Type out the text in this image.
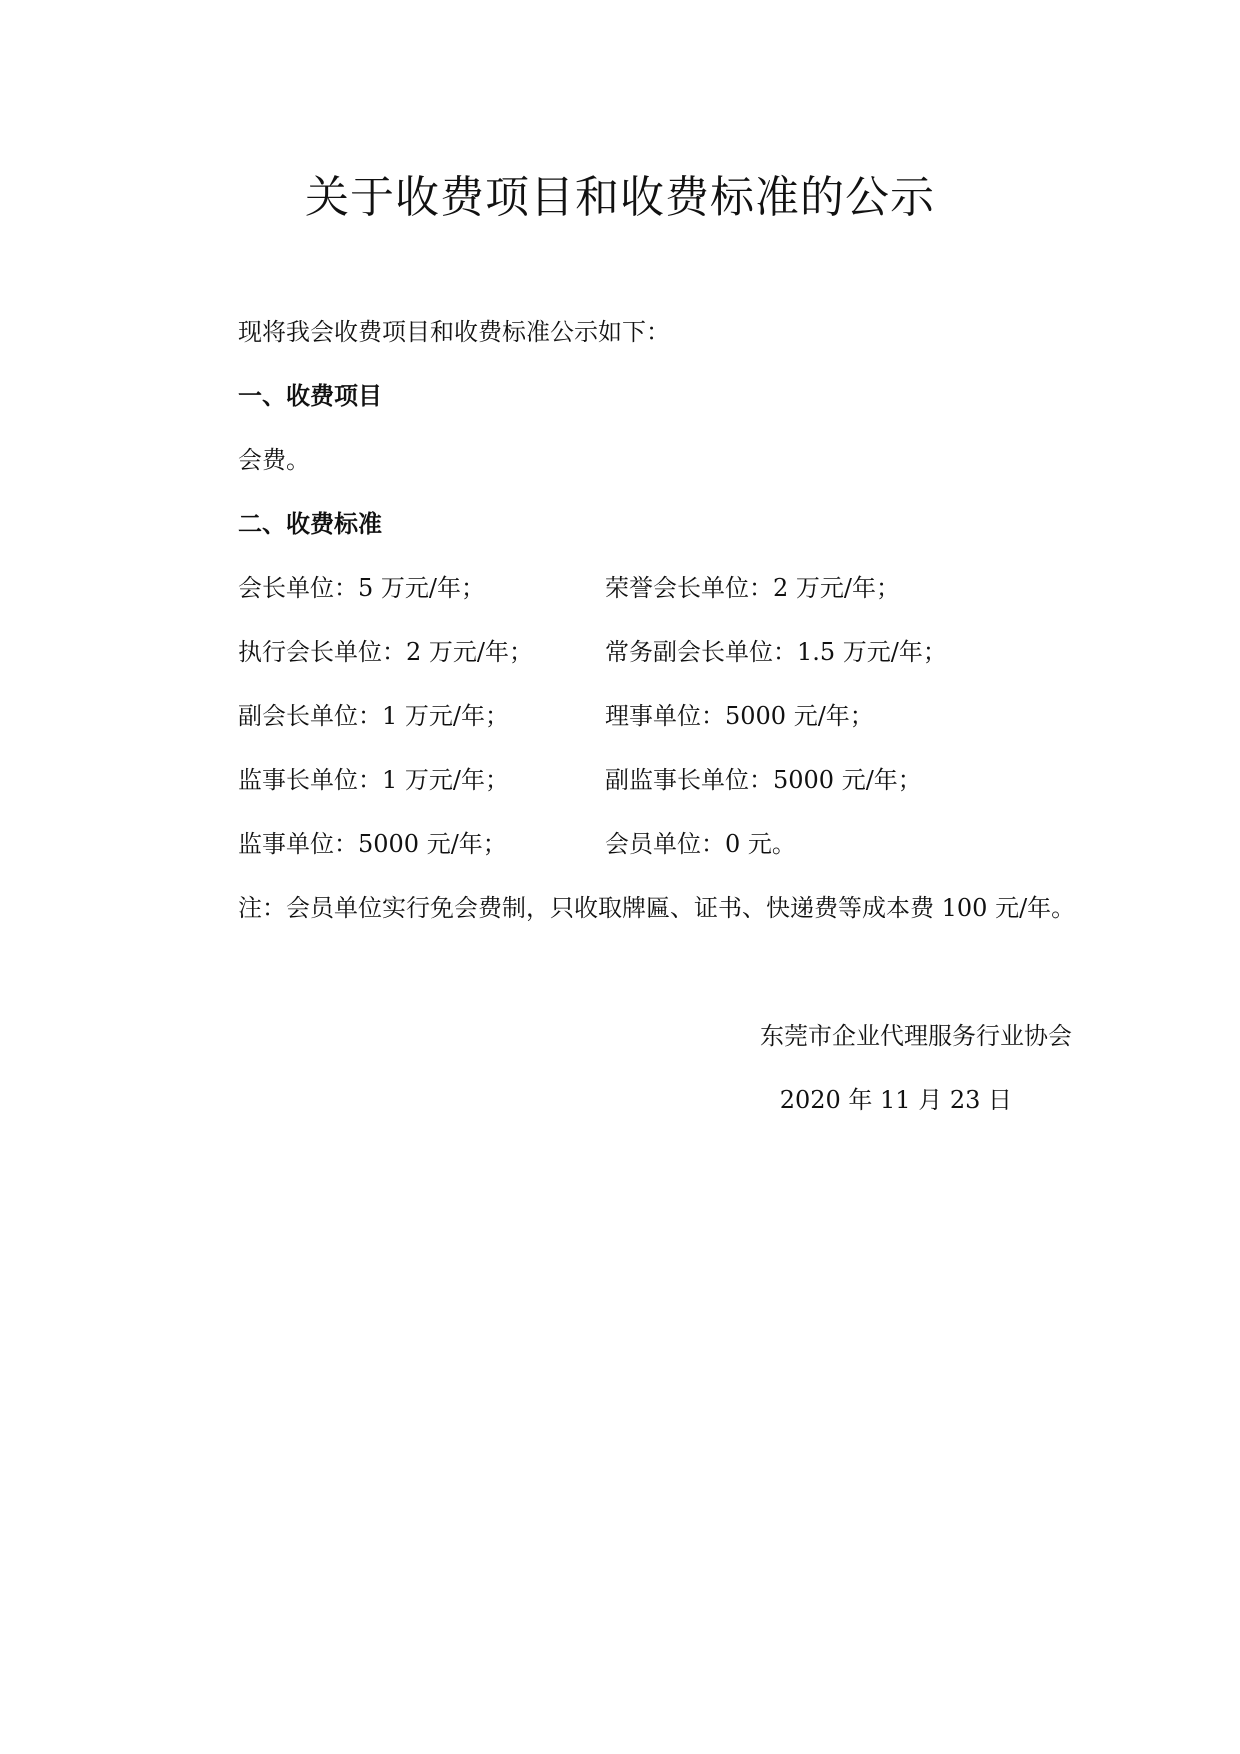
关于收费项目和收费标准的公示

现将我会收费项目和收费标准公示如下：

一、收费项目

会费。

二、收费标准

会长单位：5 万元/年；	荣誉会长单位：2 万元/年；

执行会长单位：2 万元/年；	常务副会长单位：1.5 万元/年；

副会长单位：1 万元/年；	理事单位：5000 元/年；

监事长单位：1 万元/年；	副监事长单位：5000 元/年；

监事单位：5000 元/年；	会员单位：0 元。

注：会员单位实行免会费制，只收取牌匾、证书、快递费等成本费 100 元/年。

东莞市企业代理服务行业协会
2020 年 11 月 23 日
